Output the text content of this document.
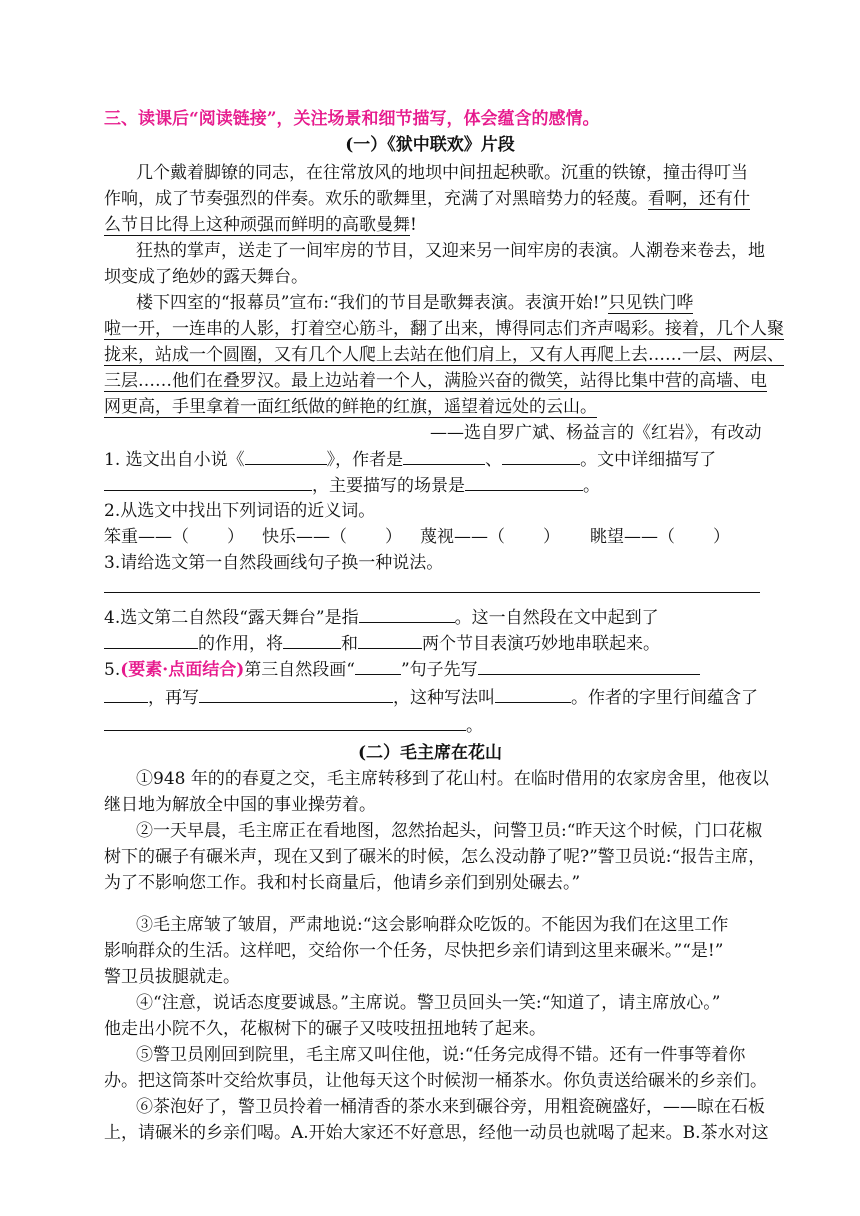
三、读课后“阅读链接”，关注场景和细节描写，体会蕴含的感情。
(一）《狱中联欢》片段
几个戴着脚镣的同志，在往常放风的地坝中间扭起秧歌。沉重的铁镣，撞击得叮当
作响，成了节奏强烈的伴奏。欢乐的歌舞里，充满了对黑暗势力的轻蔑。看啊，还有什
么节日比得上这种顽强而鲜明的高歌曼舞!
狂热的掌声，送走了一间牢房的节目，又迎来另一间牢房的表演。人潮卷来卷去，地
坝变成了绝妙的露天舞台。
楼下四室的“报幕员”宣布:“我们的节目是歌舞表演。表演开始!”只见铁门哗
啦一开，一连串的人影，打着空心筋斗，翻了出来，博得同志们齐声喝彩。接着，几个人聚
拢来，站成一个圆圈，又有几个人爬上去站在他们肩上，又有人再爬上去……一层、两层、
三层……他们在叠罗汉。最上边站着一个人，满脸兴奋的微笑，站得比集中营的高墙、电
网更高，手里拿着一面红纸做的鲜艳的红旗，遥望着远处的云山。
——选自罗广斌、杨益言的《红岩》，有改动
1. 选文出自小说《	》，作者是	、	。文中详细描写了
，主要描写的场景是	。
2.从选文中找出下列词语的近义词。
笨重——（ ） 快乐——（ ） 蔑视——（ ） 眺望——（ ）
3.请给选文第一自然段画线句子换一种说法。
4.选文第二自然段“露天舞台”是指	。这一自然段在文中起到了
的作用，将	和	两个节目表演巧妙地串联起来。
5.(要素·点面结合)第三自然段画“	”句子先写
，再写	，这种写法叫	。作者的字里行间蕴含了
。
(二）毛主席在花山
①948 年的的春夏之交，毛主席转移到了花山村。在临时借用的农家房舍里，他夜以
继日地为解放全中国的事业操劳着。
②一天早晨，毛主席正在看地图，忽然抬起头，问警卫员:“昨天这个时候，门口花椒
树下的碾子有碾米声，现在又到了碾米的时候，怎么没动静了呢?”警卫员说:“报告主席，
为了不影响您工作。我和村长商量后，他请乡亲们到别处碾去。”
③毛主席皱了皱眉，严肃地说:“这会影响群众吃饭的。不能因为我们在这里工作
影响群众的生活。这样吧，交给你一个任务，尽快把乡亲们请到这里来碾米。”“是!”
警卫员拔腿就走。
④“注意，说话态度要诚恳。”主席说。警卫员回头一笑:“知道了，请主席放心。”
他走出小院不久，花椒树下的碾子又吱吱扭扭地转了起来。
⑤警卫员刚回到院里，毛主席又叫住他，说:“任务完成得不错。还有一件事等着你
办。把这筒茶叶交给炊事员，让他每天这个时候沏一桶茶水。你负责送给碾米的乡亲们。
⑥茶泡好了，警卫员拎着一桶清香的茶水来到碾谷旁，用粗瓷碗盛好，——晾在石板
上，请碾米的乡亲们喝。A.开始大家还不好意思，经他一动员也就喝了起来。B.茶水对这
